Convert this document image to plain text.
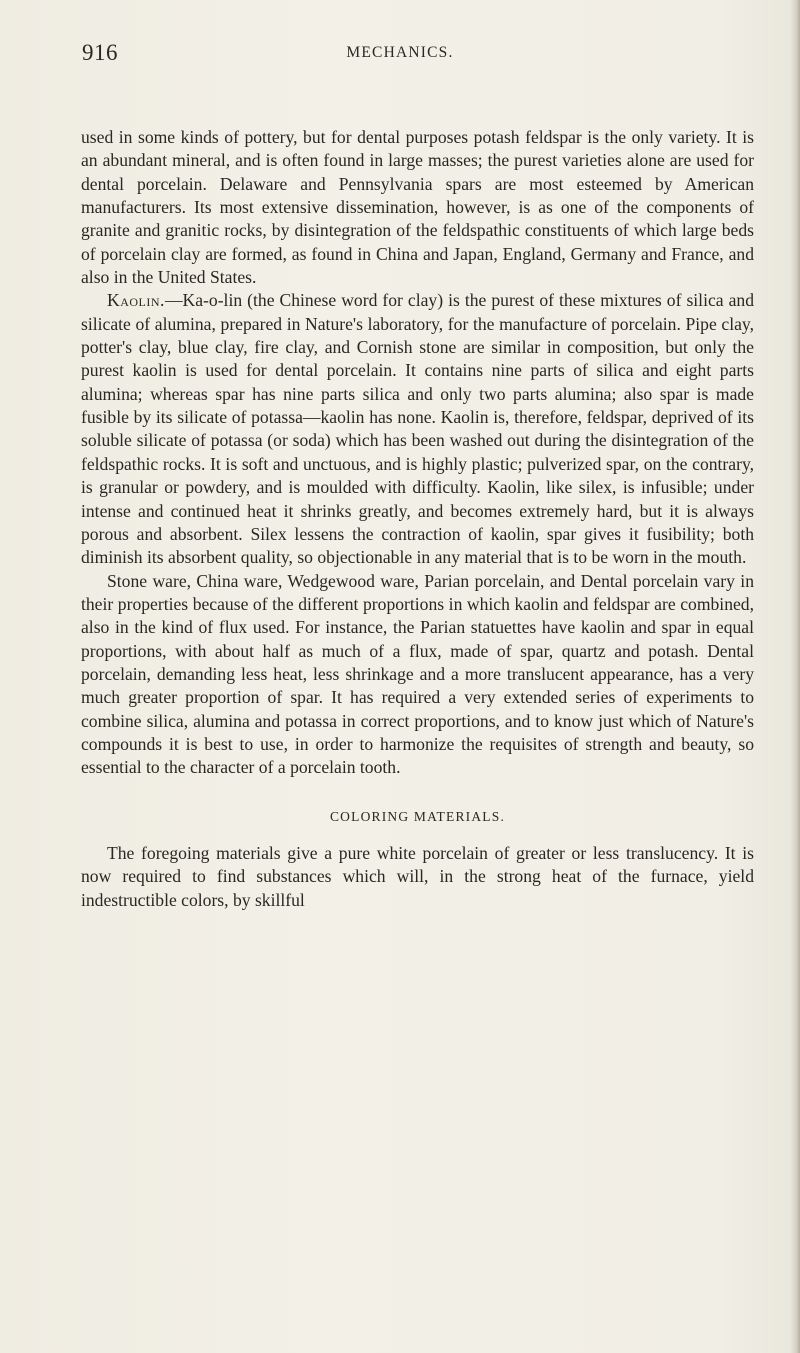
916	MECHANICS.

used in some kinds of pottery, but for dental purposes potash feldspar is the only variety. It is an abundant mineral, and is often found in large masses; the purest varieties alone are used for dental porcelain. Delaware and Pennsylvania spars are most esteemed by American manufacturers. Its most extensive dissemination, however, is as one of the components of granite and granitic rocks, by disintegration of the feldspathic constituents of which large beds of porcelain clay are formed, as found in China and Japan, England, Germany and France, and also in the United States.

Kaolin.—Ka-o-lin (the Chinese word for clay) is the purest of these mixtures of silica and silicate of alumina, prepared in Nature's laboratory, for the manufacture of porcelain. Pipe clay, potter's clay, blue clay, fire clay, and Cornish stone are similar in composition, but only the purest kaolin is used for dental porcelain. It contains nine parts of silica and eight parts alumina; whereas spar has nine parts silica and only two parts alumina; also spar is made fusible by its silicate of potassa—kaolin has none. Kaolin is, therefore, feldspar, deprived of its soluble silicate of potassa (or soda) which has been washed out during the disintegration of the feldspathic rocks. It is soft and unctuous, and is highly plastic; pulverized spar, on the contrary, is granular or powdery, and is moulded with difficulty. Kaolin, like silex, is infusible; under intense and continued heat it shrinks greatly, and becomes extremely hard, but it is always porous and absorbent. Silex lessens the contraction of kaolin, spar gives it fusibility; both diminish its absorbent quality, so objectionable in any material that is to be worn in the mouth.

Stone ware, China ware, Wedgewood ware, Parian porcelain, and Dental porcelain vary in their properties because of the different proportions in which kaolin and feldspar are combined, also in the kind of flux used. For instance, the Parian statuettes have kaolin and spar in equal proportions, with about half as much of a flux, made of spar, quartz and potash. Dental porcelain, demanding less heat, less shrinkage and a more translucent appearance, has a very much greater proportion of spar. It has required a very extended series of experiments to combine silica, alumina and potassa in correct proportions, and to know just which of Nature's compounds it is best to use, in order to harmonize the requisites of strength and beauty, so essential to the character of a porcelain tooth.

COLORING MATERIALS.

The foregoing materials give a pure white porcelain of greater or less translucency. It is now required to find substances which will, in the strong heat of the furnace, yield indestructible colors, by skillful
